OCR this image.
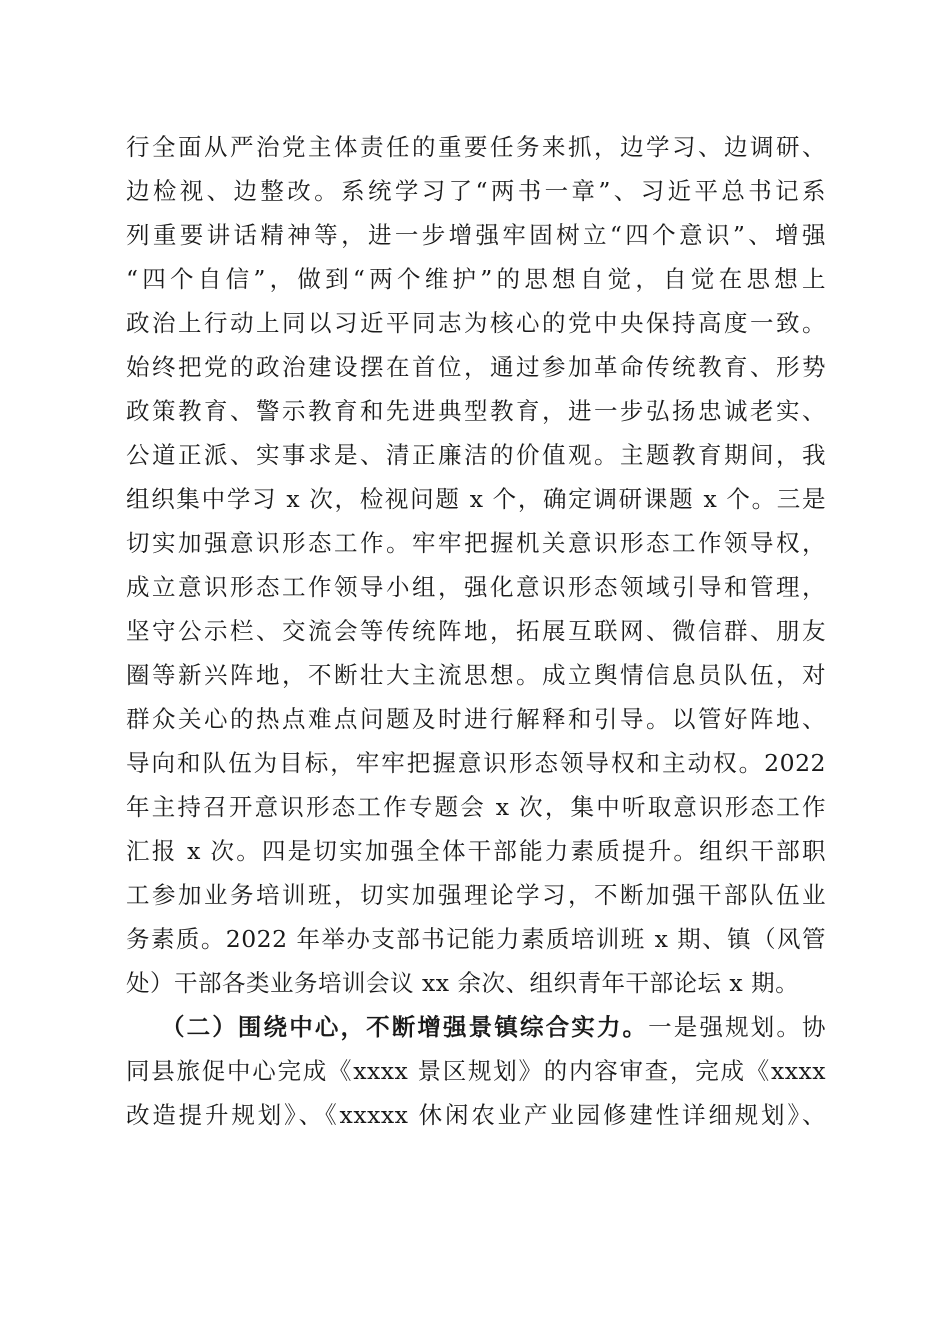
行全面从严治党主体责任的重要任务来抓，边学习、边调研、
边检视、边整改。系统学习了“两书一章”、习近平总书记系
列重要讲话精神等，进一步增强牢固树立“四个意识”、增强
“四个自信”，做到“两个维护”的思想自觉，自觉在思想上
政治上行动上同以习近平同志为核心的党中央保持高度一致。
始终把党的政治建设摆在首位，通过参加革命传统教育、形势
政策教育、警示教育和先进典型教育，进一步弘扬忠诚老实、
公道正派、实事求是、清正廉洁的价值观。主题教育期间，我
组织集中学习 x 次，检视问题 x 个，确定调研课题 x 个。三是
切实加强意识形态工作。牢牢把握机关意识形态工作领导权，
成立意识形态工作领导小组，强化意识形态领域引导和管理，
坚守公示栏、交流会等传统阵地，拓展互联网、微信群、朋友
圈等新兴阵地，不断壮大主流思想。成立舆情信息员队伍，对
群众关心的热点难点问题及时进行解释和引导。以管好阵地、
导向和队伍为目标，牢牢把握意识形态领导权和主动权。2022
年主持召开意识形态工作专题会 x 次，集中听取意识形态工作
汇报 x 次。四是切实加强全体干部能力素质提升。组织干部职
工参加业务培训班，切实加强理论学习，不断加强干部队伍业
务素质。2022 年举办支部书记能力素质培训班 x 期、镇（风管
处）干部各类业务培训会议 xx 余次、组织青年干部论坛 x 期。
（二）围绕中心，不断增强景镇综合实力。一是强规划。协
同县旅促中心完成《xxxx 景区规划》的内容审查，完成《xxxx
改造提升规划》、《xxxxx 休闲农业产业园修建性详细规划》、
